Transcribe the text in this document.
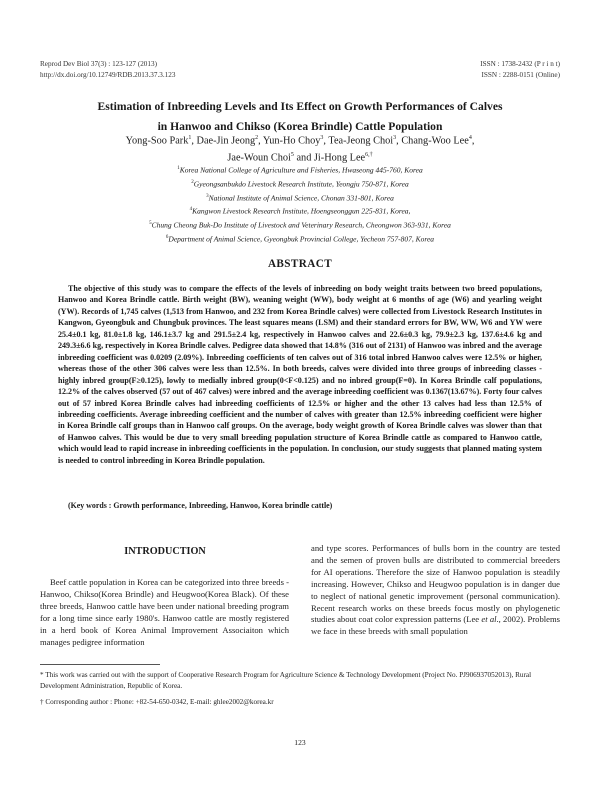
Reprod Dev Biol 37(3) : 123-127 (2013)
http://dx.doi.org/10.12749/RDB.2013.37.3.123
ISSN : 1738-2432 (P r i n t)
ISSN : 2288-0151 (Online)
Estimation of Inbreeding Levels and Its Effect on Growth Performances of Calves
in Hanwoo and Chikso (Korea Brindle) Cattle Population
Yong-Soo Park$^1$, Dae-Jin Jeong$^2$, Yun-Ho Choy$^3$, Tea-Jeong Choi$^3$, Chang-Woo Lee$^4$,
Jae-Woun Choi$^5$ and Ji-Hong Lee$^{6,\dagger}$
$^1$Korea National College of Agriculture and Fisheries, Hwaseong 445-760, Korea
$^2$Gyeongsanbukdo Livestock Research Institute, Yeongju 750-871, Korea
$^3$National Institute of Animal Science, Chonan 331-801, Korea
$^4$Kangwon Livestock Research Institute, Hoengseonggun 225-831, Korea,
$^5$Chung Cheong Buk-Do Institute of Livestock and Veterinary Research, Cheongwon 363-931, Korea
$^6$Department of Animal Science, Gyeongbuk Provincial College, Yecheon 757-807, Korea
ABSTRACT
The objective of this study was to compare the effects of the levels of inbreeding on body weight traits between two breed populations, Hanwoo and Korea Brindle cattle. Birth weight (BW), weaning weight (WW), body weight at 6 months of age (W6) and yearling weight (YW). Records of 1,745 calves (1,513 from Hanwoo, and 232 from Korea Brindle calves) were collected from Livestock Research Institutes in Kangwon, Gyeongbuk and Chungbuk provinces. The least squares means (LSM) and their standard errors for BW, WW, W6 and YW were 25.4±0.1 kg, 81.0±1.8 kg, 146.1±3.7 kg and 291.5±2.4 kg, respectively in Hanwoo calves and 22.6±0.3 kg, 79.9±2.3 kg, 137.6±4.6 kg and 249.3±6.6 kg, respectively in Korea Brindle calves. Pedigree data showed that 14.8% (316 out of 2131) of Hanwoo was inbred and the average inbreeding coefficient was 0.0209 (2.09%). Inbreeding coefficients of ten calves out of 316 total inbred Hanwoo calves were 12.5% or higher, whereas those of the other 306 calves were less than 12.5%. In both breeds, calves were divided into three groups of inbreeding classes - highly inbred group(F≥0.125), lowly to medially inbred group(0<F<0.125) and no inbred group(F=0). In Korea Brindle calf populations, 12.2% of the calves observed (57 out of 467 calves) were inbred and the average inbreeding coefficient was 0.1367(13.67%). Forty four calves out of 57 inbred Korea Brindle calves had inbreeding coefficients of 12.5% or higher and the other 13 calves had less than 12.5% of inbreeding coefficients. Average inbreeding coefficient and the number of calves with greater than 12.5% inbreeding coefficient were higher in Korea Brindle calf groups than in Hanwoo calf groups. On the average, body weight growth of Korea Brindle calves was slower than that of Hanwoo calves. This would be due to very small breeding population structure of Korea Brindle cattle as compared to Hanwoo cattle, which would lead to rapid increase in inbreeding coefficients in the population. In conclusion, our study suggests that planned mating system is needed to control inbreeding in Korea Brindle population.
(Key words : Growth performance, Inbreeding, Hanwoo, Korea brindle cattle)
INTRODUCTION
Beef cattle population in Korea can be categorized into three breeds - Hanwoo, Chikso(Korea Brindle) and Heugwoo(Korea Black). Of these three breeds, Hanwoo cattle have been under national breeding program for a long time since early 1980's. Hanwoo cattle are mostly registered in a herd book of Korea Animal Improvement Associaiton which manages pedigree information
and type scores. Performances of bulls born in the country are tested and the semen of proven bulls are distributed to commercial breeders for AI operations. Therefore the size of Hanwoo population is steadily increasing. However, Chikso and Heugwoo population is in danger due to neglect of national genetic improvement (personal communication). Recent research works on these breeds focus mostly on phylogenetic studies about coat color expression patterns (Lee et al., 2002). Problems we face in these breeds with small population
* This work was carried out with the support of Cooperative Research Program for Agriculture Science & Technology Development (Project No. PJ906937052013), Rural Development Administration, Republic of Korea.
† Corresponding author : Phone: +82-54-650-0342, E-mail: ghlee2002@korea.kr
123
